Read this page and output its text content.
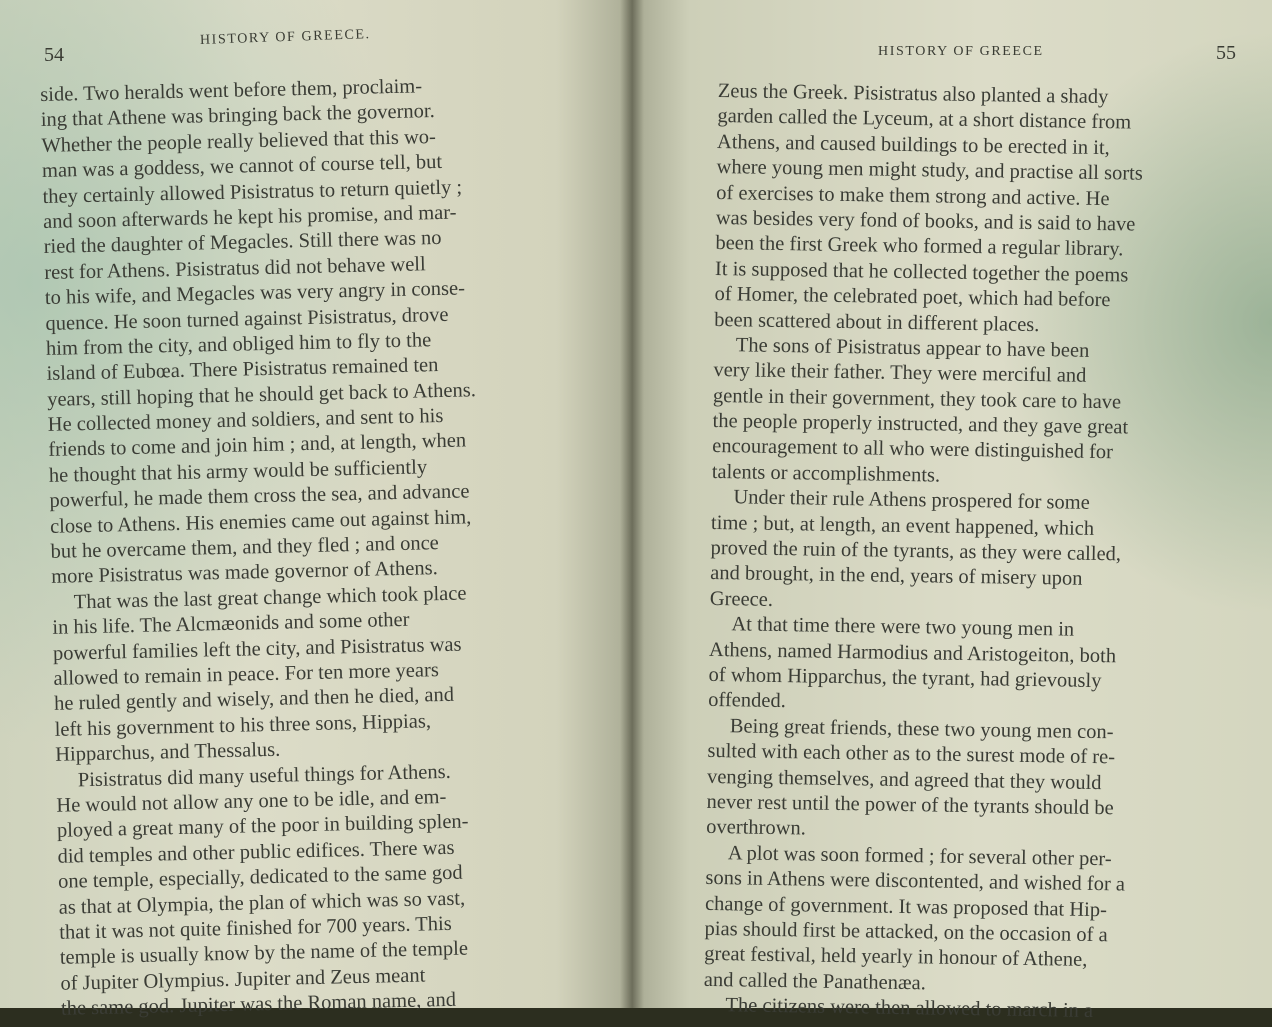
54
HISTORY OF GREECE.
side. Two heralds went before them, proclaim-
ing that Athene was bringing back the governor.
Whether the people really believed that this wo-
man was a goddess, we cannot of course tell, but
they certainly allowed Pisistratus to return quietly ;
and soon afterwards he kept his promise, and mar-
ried the daughter of Megacles. Still there was no
rest for Athens. Pisistratus did not behave well
to his wife, and Megacles was very angry in conse-
quence. He soon turned against Pisistratus, drove
him from the city, and obliged him to fly to the
island of Eubœa. There Pisistratus remained ten
years, still hoping that he should get back to Athens.
He collected money and soldiers, and sent to his
friends to come and join him ; and, at length, when
he thought that his army would be sufficiently
powerful, he made them cross the sea, and advance
close to Athens. His enemies came out against him,
but he overcame them, and they fled ; and once
more Pisistratus was made governor of Athens.
That was the last great change which took place
in his life. The Alcmæonids and some other
powerful families left the city, and Pisistratus was
allowed to remain in peace. For ten more years
he ruled gently and wisely, and then he died, and
left his government to his three sons, Hippias,
Hipparchus, and Thessalus.
Pisistratus did many useful things for Athens.
He would not allow any one to be idle, and em-
ployed a great many of the poor in building splen-
did temples and other public edifices. There was
one temple, especially, dedicated to the same god
as that at Olympia, the plan of which was so vast,
that it was not quite finished for 700 years. This
temple is usually know by the name of the temple
of Jupiter Olympius. Jupiter and Zeus meant
the same god. Jupiter was the Roman name, and
HISTORY OF GREECE	55
Zeus the Greek. Pisistratus also planted a shady
garden called the Lyceum, at a short distance from
Athens, and caused buildings to be erected in it,
where young men might study, and practise all sorts
of exercises to make them strong and active. He
was besides very fond of books, and is said to have
been the first Greek who formed a regular library.
It is supposed that he collected together the poems
of Homer, the celebrated poet, which had before
been scattered about in different places.
The sons of Pisistratus appear to have been
very like their father. They were merciful and
gentle in their government, they took care to have
the people properly instructed, and they gave great
encouragement to all who were distinguished for
talents or accomplishments.
Under their rule Athens prospered for some
time ; but, at length, an event happened, which
proved the ruin of the tyrants, as they were called,
and brought, in the end, years of misery upon
Greece.
At that time there were two young men in
Athens, named Harmodius and Aristogeiton, both
of whom Hipparchus, the tyrant, had grievously
offended.
Being great friends, these two young men con-
sulted with each other as to the surest mode of re-
venging themselves, and agreed that they would
never rest until the power of the tyrants should be
overthrown.
A plot was soon formed ; for several other per-
sons in Athens were discontented, and wished for a
change of government. It was proposed that Hip-
pias should first be attacked, on the occasion of a
great festival, held yearly in honour of Athene,
and called the Panathenæa.
The citizens were then allowed to march in a
